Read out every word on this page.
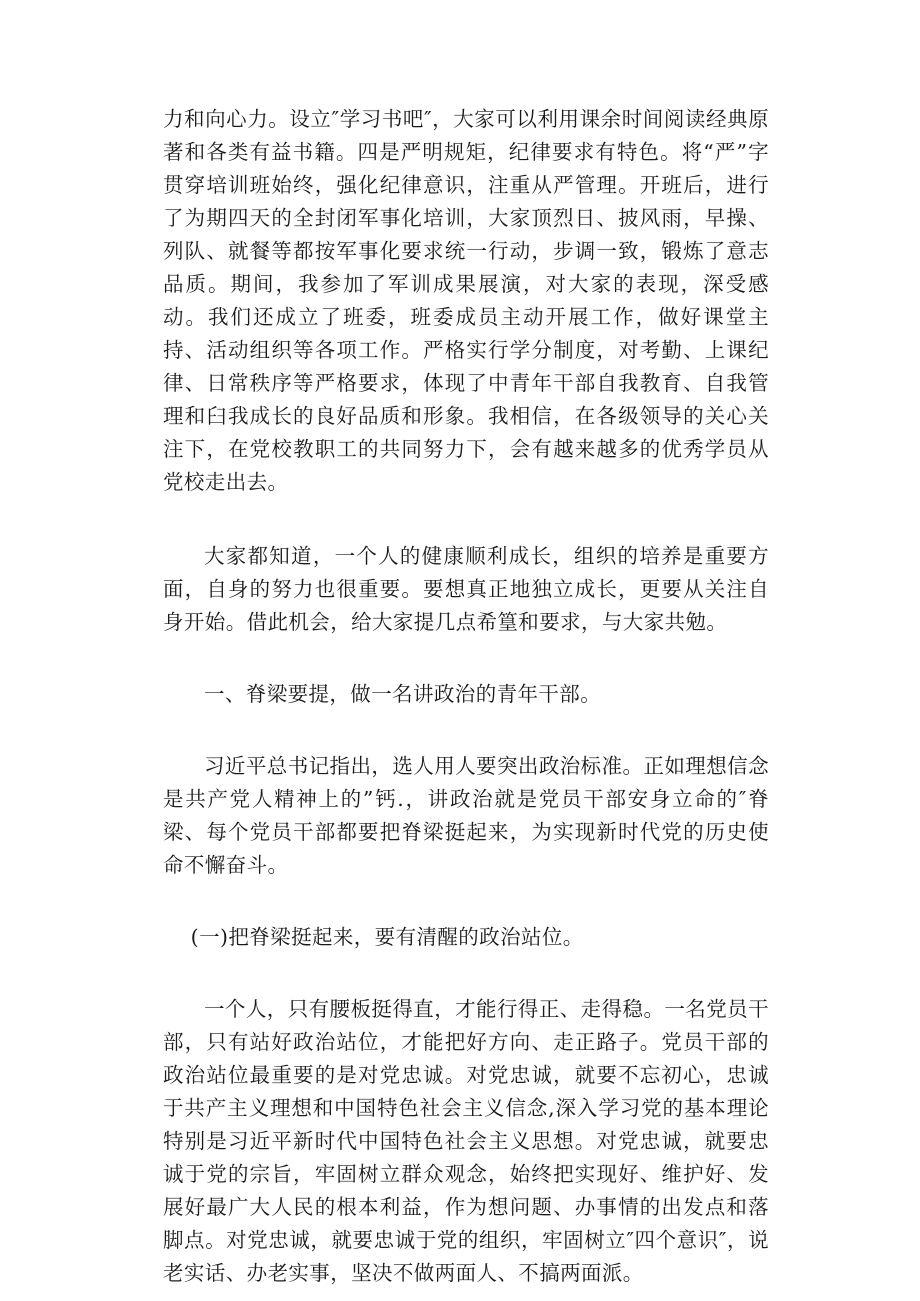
力和向心力。设立″学习书吧″，大家可以利用课余时间阅读经典原著和各类有益书籍。四是严明规矩，纪律要求有特色。将“严”字贯穿培训班始终，强化纪律意识，注重从严管理。开班后，进行了为期四天的全封闭军事化培训，大家顶烈日、披风雨，早操、列队、就餐等都按军事化要求统一行动，步调一致，锻炼了意志品质。期间，我参加了军训成果展演，对大家的表现，深受感动。我们还成立了班委，班委成员主动开展工作，做好课堂主持、活动组织等各项工作。严格实行学分制度，对考勤、上课纪律、日常秩序等严格要求，体现了中青年干部自我教育、自我管理和臼我成长的良好品质和形象。我相信，在各级领导的关心关注下，在党校教职工的共同努力下，会有越来越多的优秀学员从党校走出去。

大家都知道，一个人的健康顺利成长，组织的培养是重要方面，自身的努力也很重要。要想真正地独立成长，更要从关注自身开始。借此机会，给大家提几点希篁和要求，与大家共勉。

一、脊梁要提，做一名讲政治的青年干部。

习近平总书记指出，选人用人要突出政治标准。正如理想信念是共产党人精神上的”钙.，讲政治就是党员干部安身立命的″脊梁、每个党员干部都要把脊梁挺起来，为实现新时代党的历史使命不懈奋斗。

(一)把脊梁挺起来，要有清醒的政治站位。

一个人，只有腰板挺得直，才能行得正、走得稳。一名党员干部，只有站好政治站位，才能把好方向、走正路子。党员干部的政治站位最重要的是对党忠诚。对党忠诚，就要不忘初心，忠诚于共产主义理想和中国特色社会主义信念,深入学习党的基本理论特别是习近平新时代中国特色社会主义思想。对党忠诚，就要忠诚于党的宗旨，牢固树立群众观念，始终把实现好、维护好、发展好最广大人民的根本利益，作为想问题、办事情的出发点和落脚点。对党忠诚，就要忠诚于党的组织，牢固树立″四个意识″，说老实话、办老实事，坚决不做两面人、不搞两面派。
